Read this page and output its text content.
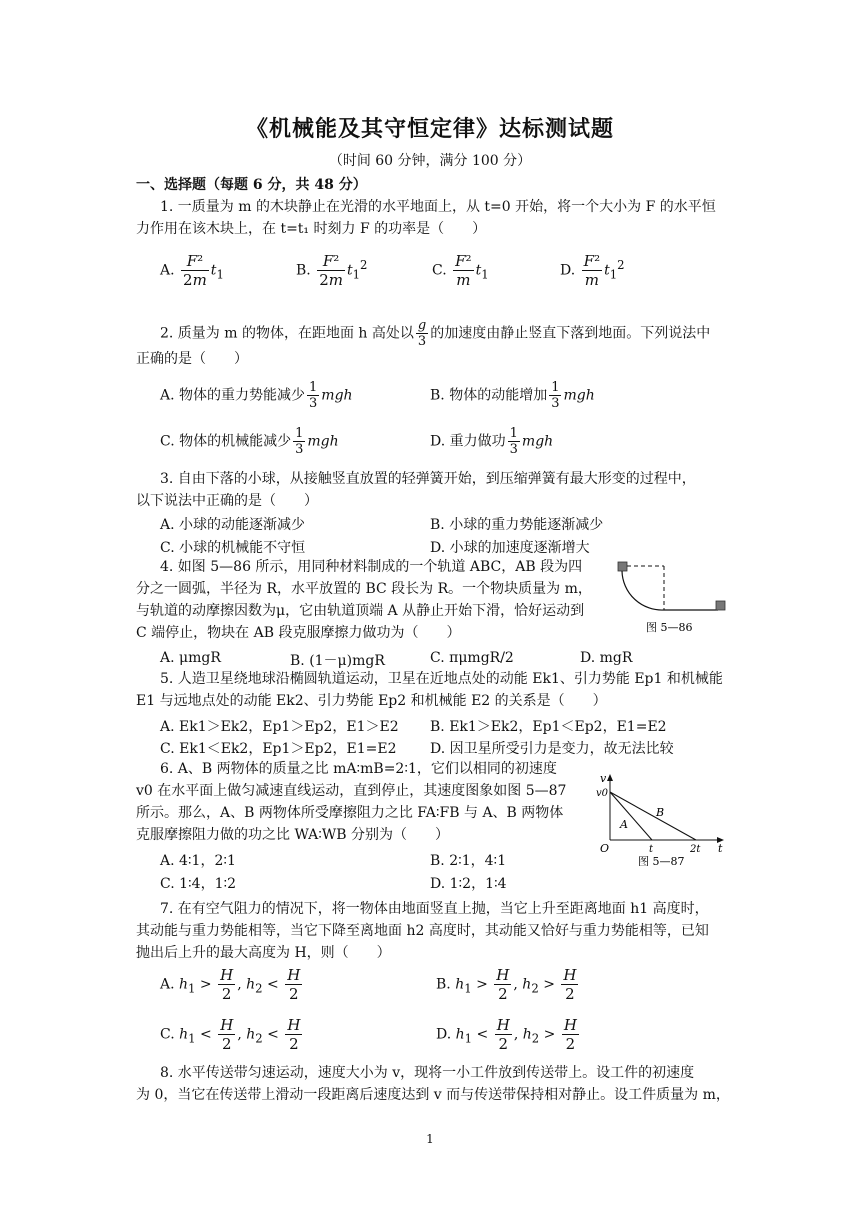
《机械能及其守恒定律》达标测试题
（时间 60 分钟，满分 100 分）
一、选择题（每题 6 分，共 48 分）
1. 一质量为 m 的木块静止在光滑的水平地面上，从 t=0 开始，将一个大小为 F 的水平恒
力作用在该木块上，在 t=t₁ 时刻力 F 的功率是（　　）
A. $\frac{\text{F²}}{2m} t_1$	B. $\frac{\text{F²}}{2m} t_1^2$	C. $\frac{\text{F²}}{m} t_1$	D. $\frac{\text{F²}}{m} t_1^2$
2. 质量为 m 的物体，在距地面 h 高处以 $\frac{g}{3}$ 的加速度由静止竖直下落到地面。下列说法中
正确的是（　　）
A. 物体的重力势能减少 $\frac{1}{3}$ mgh	B. 物体的动能增加 $\frac{1}{3}$ mgh
C. 物体的机械能减少 $\frac{1}{3}$ mgh	D. 重力做功 $\frac{1}{3}$ mgh
3. 自由下落的小球，从接触竖直放置的轻弹簧开始，到压缩弹簧有最大形变的过程中，
以下说法中正确的是（　　）
A. 小球的动能逐渐减少	B. 小球的重力势能逐渐减少
C. 小球的机械能不守恒	D. 小球的加速度逐渐增大
4. 如图 5—86 所示，用同种材料制成的一个轨道 ABC，AB 段为四
分之一圆弧，半径为 R，水平放置的 BC 段长为 R。一个物块质量为 m，
与轨道的动摩擦因数为μ，它由轨道顶端 A 从静止开始下滑，恰好运动到
C 端停止，物块在 AB 段克服摩擦力做功为（　　）
A. μmgR	B. (1－μ)mgR	C. πμmgR/2	D. mgR
图 5—86
5. 人造卫星绕地球沿椭圆轨道运动，卫星在近地点处的动能 Ek1、引力势能 Ep1 和机械能
E1 与远地点处的动能 Ek2、引力势能 Ep2 和机械能 E2 的关系是（　　）
A. Ek1＞Ek2，Ep1＞Ep2，E1＞E2 B. Ek1＞Ek2，Ep1＜Ep2，E1=E2
C. Ek1＜Ek2，Ep1＞Ep2，E1=E2 D. 因卫星所受引力是变力，故无法比较
6. A、B 两物体的质量之比 mA∶mB=2∶1，它们以相同的初速度
v0 在水平面上做匀减速直线运动，直到停止，其速度图象如图 5—87
所示。那么，A、B 两物体所受摩擦阻力之比 FA∶FB 与 A、B 两物体
克服摩擦阻力做的功之比 WA∶WB 分别为（　　）
A. 4∶1，2∶1	B. 2∶1，4∶1
C. 1∶4，1∶2	D. 1∶2，1∶4
v
v0
B
A
O	t	2t t
图 5—87
7. 在有空气阻力的情况下，将一物体由地面竖直上抛，当它上升至距离地面 h1 高度时，
其动能与重力势能相等，当它下降至离地面 h2 高度时，其动能又恰好与重力势能相等，已知
抛出后上升的最大高度为 H，则（　　）
A. $h_1 > \frac{H}{2}$ , $h_2 < \frac{H}{2}$	B. $h_1 > \frac{H}{2}$ , $h_2 > \frac{H}{2}$
C. $h_1 < \frac{H}{2}$ , $h_2 < \frac{H}{2}$	D. $h_1 < \frac{H}{2}$ , $h_2 > \frac{H}{2}$
8. 水平传送带匀速运动，速度大小为 v，现将一小工件放到传送带上。设工件的初速度
为 0，当它在传送带上滑动一段距离后速度达到 v 而与传送带保持相对静止。设工件质量为 m，
1
